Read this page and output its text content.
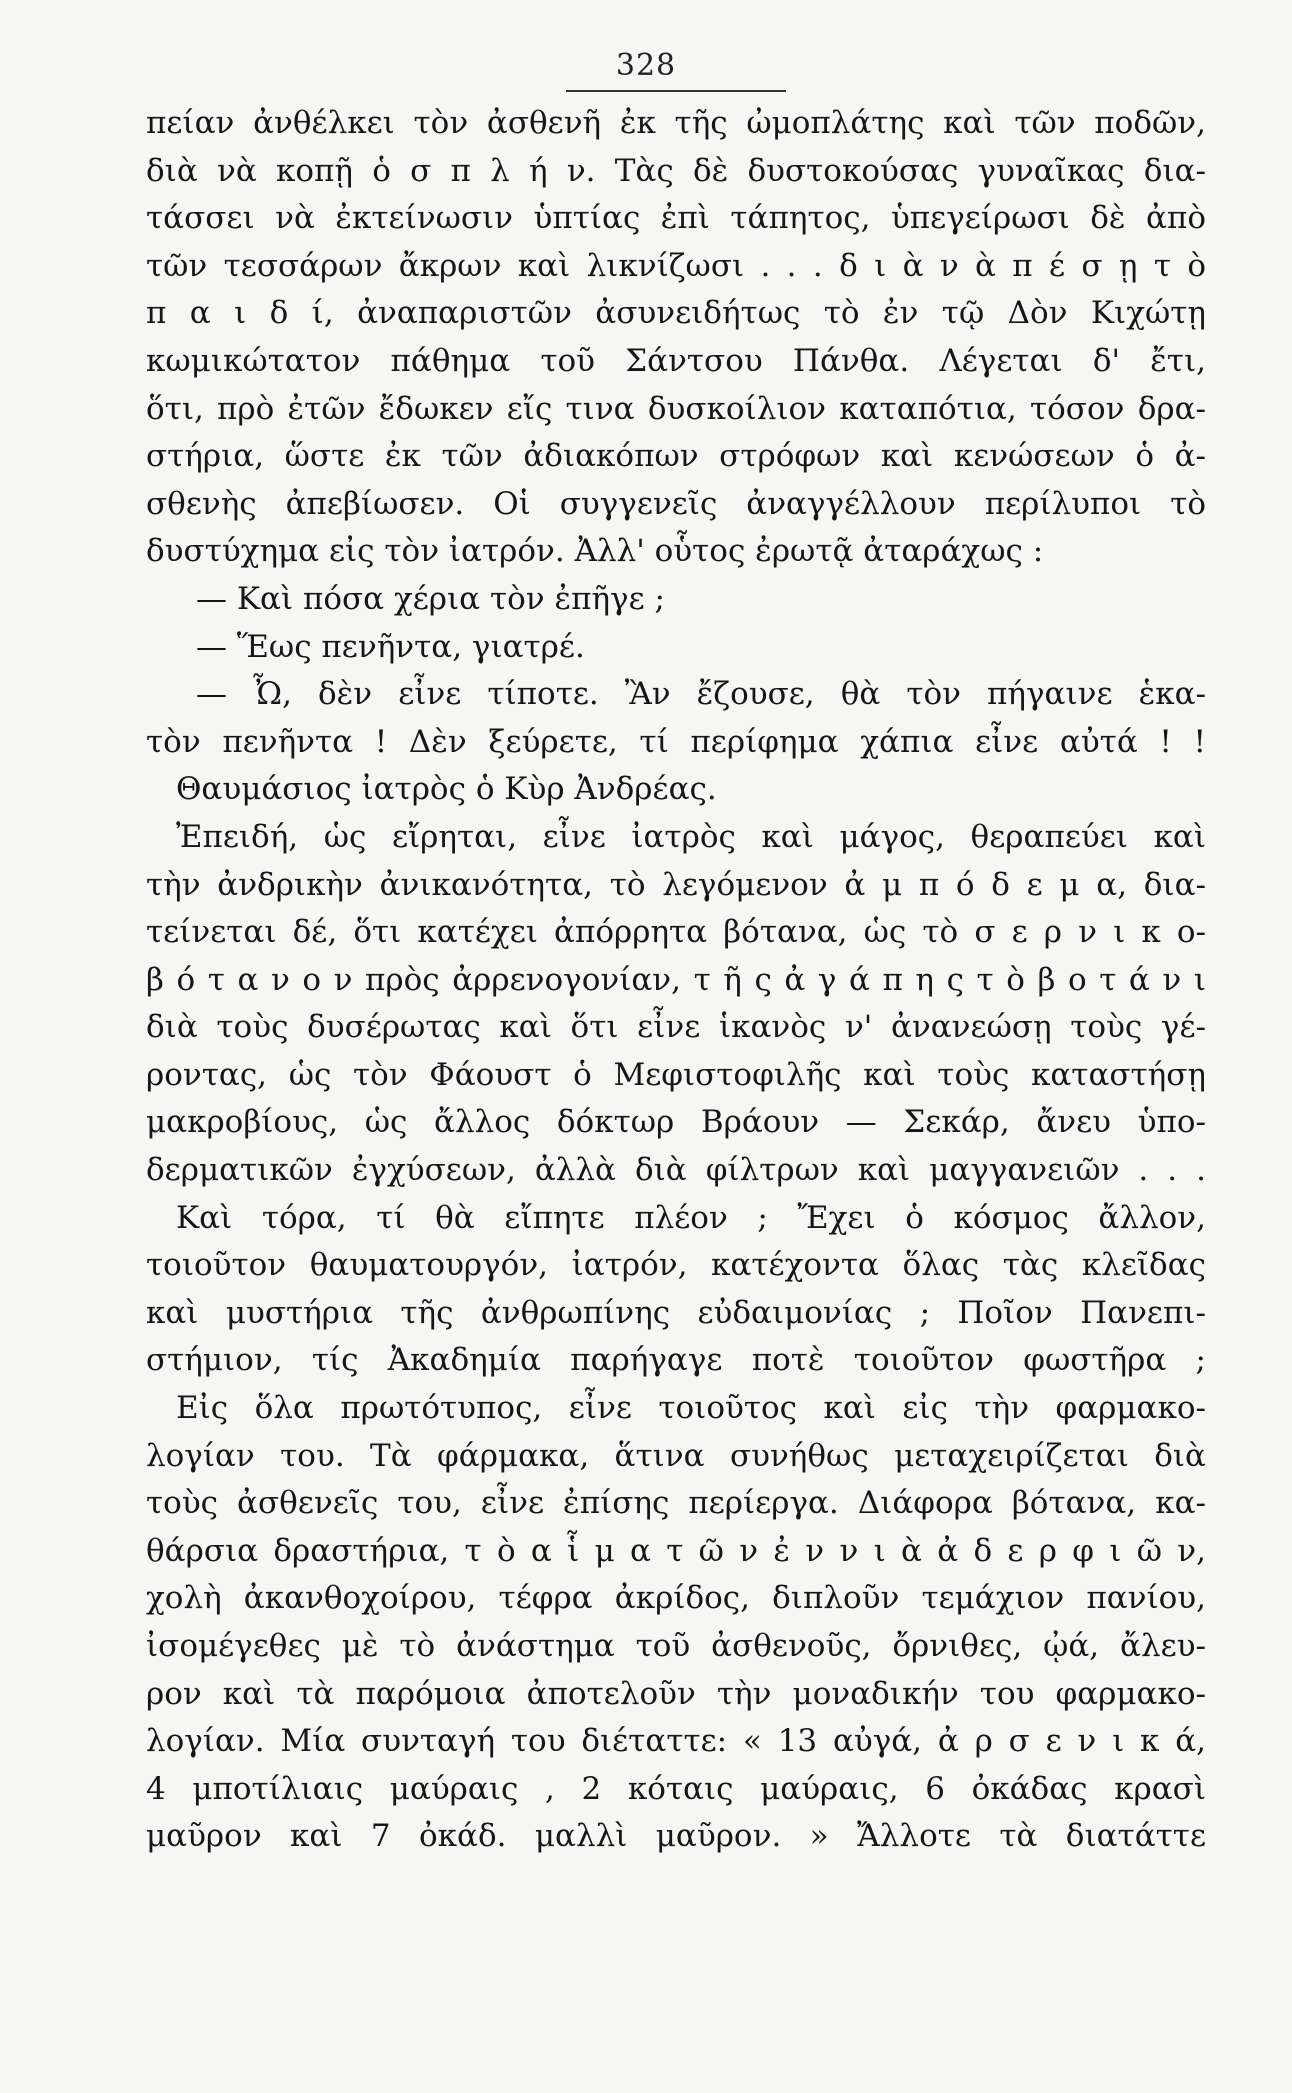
328
πείαν ἀνθέλκει τὸν ἀσθενῆ ἐκ τῆς ὠμοπλάτης καὶ τῶν ποδῶν,
διὰ νὰ κοπῇ ὁ σ π λ ή ν. Τὰς δὲ δυστοκούσας γυναῖκας δια-
τάσσει νὰ ἐκτείνωσιν ὑπτίας ἐπὶ τάπητος, ὑπεγείρωσι δὲ ἀπὸ
τῶν τεσσάρων ἄκρων καὶ λικνίζωσι . . . δ ι ὰ ν ὰ π έ σ ῃ τ ὸ
π α ι δ ί, ἀναπαριστῶν ἀσυνειδήτως τὸ ἐν τῷ Δὸν Κιχώτῃ
κωμικώτατον πάθημα τοῦ Σάντσου Πάνθα. Λέγεται δ' ἔτι,
ὅτι, πρὸ ἐτῶν ἔδωκεν εἴς τινα δυσκοίλιον καταπότια, τόσον δρα-
στήρια, ὥστε ἐκ τῶν ἀδιακόπων στρόφων καὶ κενώσεων ὁ ἀ-
σθενὴς ἀπεβίωσεν. Οἱ συγγενεῖς ἀναγγέλλουν περίλυποι τὸ
δυστύχημα εἰς τὸν ἰατρόν. Ἀλλ' οὗτος ἐρωτᾷ ἀταράχως :
— Καὶ πόσα χέρια τὸν ἐπῆγε ;
— Ἕως πενῆντα, γιατρέ.
— Ὦ, δὲν εἶνε τίποτε. Ἂν ἔζουσε, θὰ τὸν πήγαινε ἑκα-
τὸν πενῆντα ! Δὲν ξεύρετε, τί περίφημα χάπια εἶνε αὐτά ! !
Θαυμάσιος ἰατρὸς ὁ Κὺρ Ἀνδρέας.
Ἐπειδή, ὡς εἴρηται, εἶνε ἰατρὸς καὶ μάγος, θεραπεύει καὶ
τὴν ἀνδρικὴν ἀνικανότητα, τὸ λεγόμενον ἀ μ π ό δ ε μ α, δια-
τείνεται δέ, ὅτι κατέχει ἀπόρρητα βότανα, ὡς τὸ σ ε ρ ν ι κ ο-
β ό τ α ν ο ν πρὸς ἀρρενογονίαν, τ ῆ ς ἀ γ ά π η ς τ ὸ β ο τ ά ν ι
διὰ τοὺς δυσέρωτας καὶ ὅτι εἶνε ἱκανὸς ν' ἀνανεώσῃ τοὺς γέ-
ροντας, ὡς τὸν Φάουστ ὁ Μεφιστοφιλῆς καὶ τοὺς καταστήσῃ
μακροβίους, ὡς ἄλλος δόκτωρ Βράουν — Σεκάρ, ἄνευ ὑπο-
δερματικῶν ἐγχύσεων, ἀλλὰ διὰ φίλτρων καὶ μαγγανειῶν . . .
Καὶ τόρα, τί θὰ εἴπητε πλέον ; Ἔχει ὁ κόσμος ἄλλον,
τοιοῦτον θαυματουργόν, ἰατρόν, κατέχοντα ὅλας τὰς κλεῖδας
καὶ μυστήρια τῆς ἀνθρωπίνης εὐδαιμονίας ; Ποῖον Πανεπι-
στήμιον, τίς Ἀκαδημία παρήγαγε ποτὲ τοιοῦτον φωστῆρα ;
Εἰς ὅλα πρωτότυπος, εἶνε τοιοῦτος καὶ εἰς τὴν φαρμακο-
λογίαν του. Τὰ φάρμακα, ἅτινα συνήθως μεταχειρίζεται διὰ
τοὺς ἀσθενεῖς του, εἶνε ἐπίσης περίεργα. Διάφορα βότανα, κα-
θάρσια δραστήρια, τ ὸ α ἷ μ α τ ῶ ν ἐ ν ν ι ὰ ἀ δ ε ρ φ ι ῶ ν,
χολὴ ἀκανθοχοίρου, τέφρα ἀκρίδος, διπλοῦν τεμάχιον πανίου,
ἰσομέγεθες μὲ τὸ ἀνάστημα τοῦ ἀσθενοῦς, ὄρνιθες, ᾠά, ἄλευ-
ρον καὶ τὰ παρόμοια ἀποτελοῦν τὴν μοναδικήν του φαρμακο-
λογίαν. Μία συνταγή του διέταττε: « 13 αὐγά, ἀ ρ σ ε ν ι κ ά,
4 μποτίλιαις μαύραις , 2 κόταις μαύραις, 6 ὀκάδας κρασὶ
μαῦρον καὶ 7 ὀκάδ. μαλλὶ μαῦρον. » Ἄλλοτε τὰ διατάττε
